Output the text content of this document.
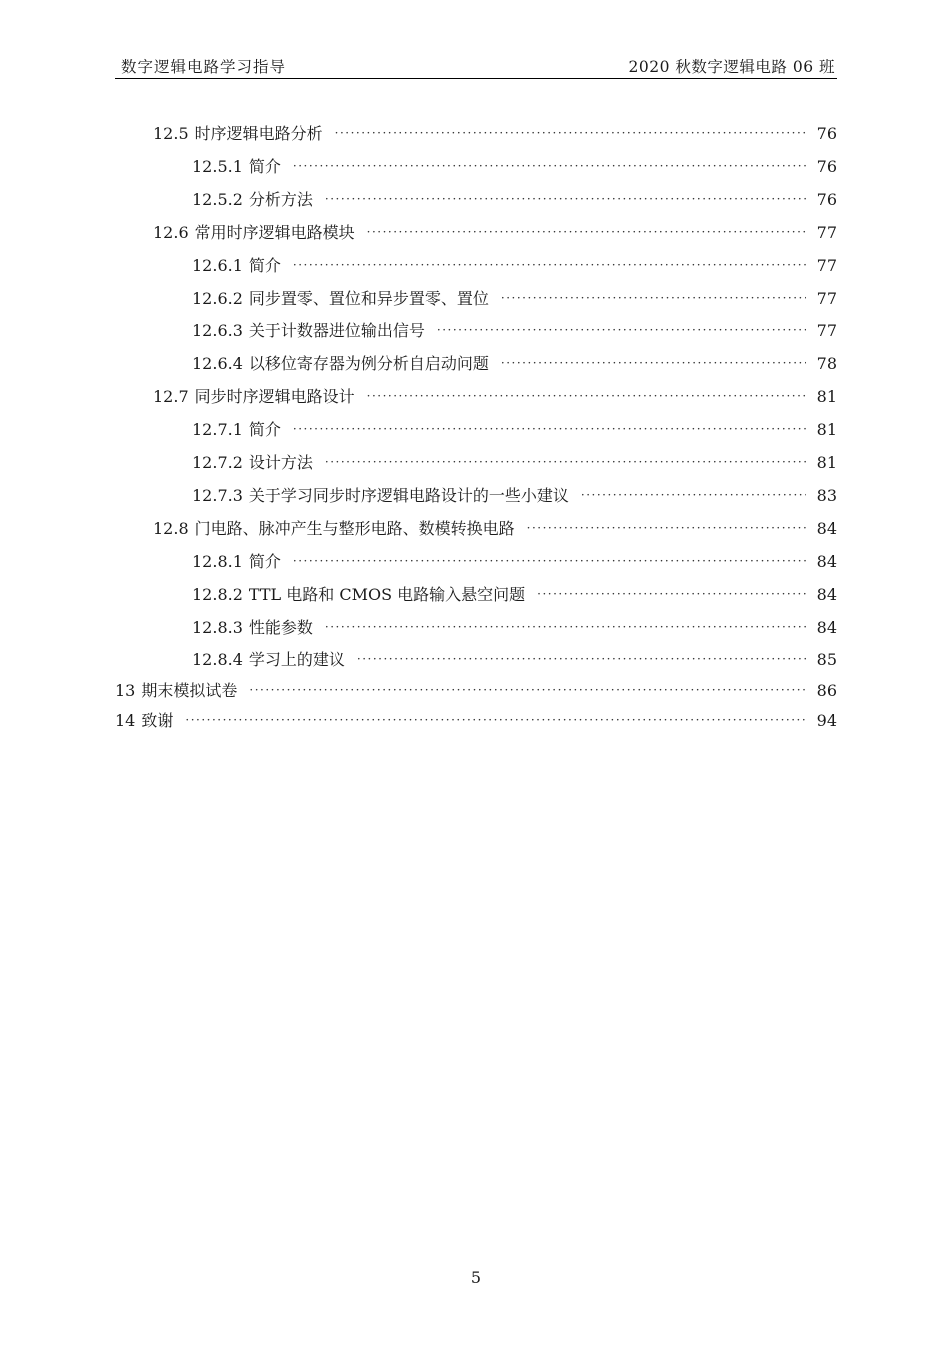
数字逻辑电路学习指导	2020 秋数字逻辑电路 06 班
12.5 时序逻辑电路分析 ·····	76
12.5.1 简介 ·····	76
12.5.2 分析方法 ·····	76
12.6 常用时序逻辑电路模块 ·····	77
12.6.1 简介 ·····	77
12.6.2 同步置零、置位和异步置零、置位 ·····	77
12.6.3 关于计数器进位输出信号 ·····	77
12.6.4 以移位寄存器为例分析自启动问题 ·····	78
12.7 同步时序逻辑电路设计 ·····	81
12.7.1 简介 ·····	81
12.7.2 设计方法 ·····	81
12.7.3 关于学习同步时序逻辑电路设计的一些小建议 ·····	83
12.8 门电路、脉冲产生与整形电路、数模转换电路 ·····	84
12.8.1 简介 ·····	84
12.8.2 TTL 电路和 CMOS 电路输入悬空问题 ·····	84
12.8.3 性能参数 ·····	84
12.8.4 学习上的建议 ·····	85
13 期末模拟试卷 ·····	86
14 致谢 ·····	94
5
